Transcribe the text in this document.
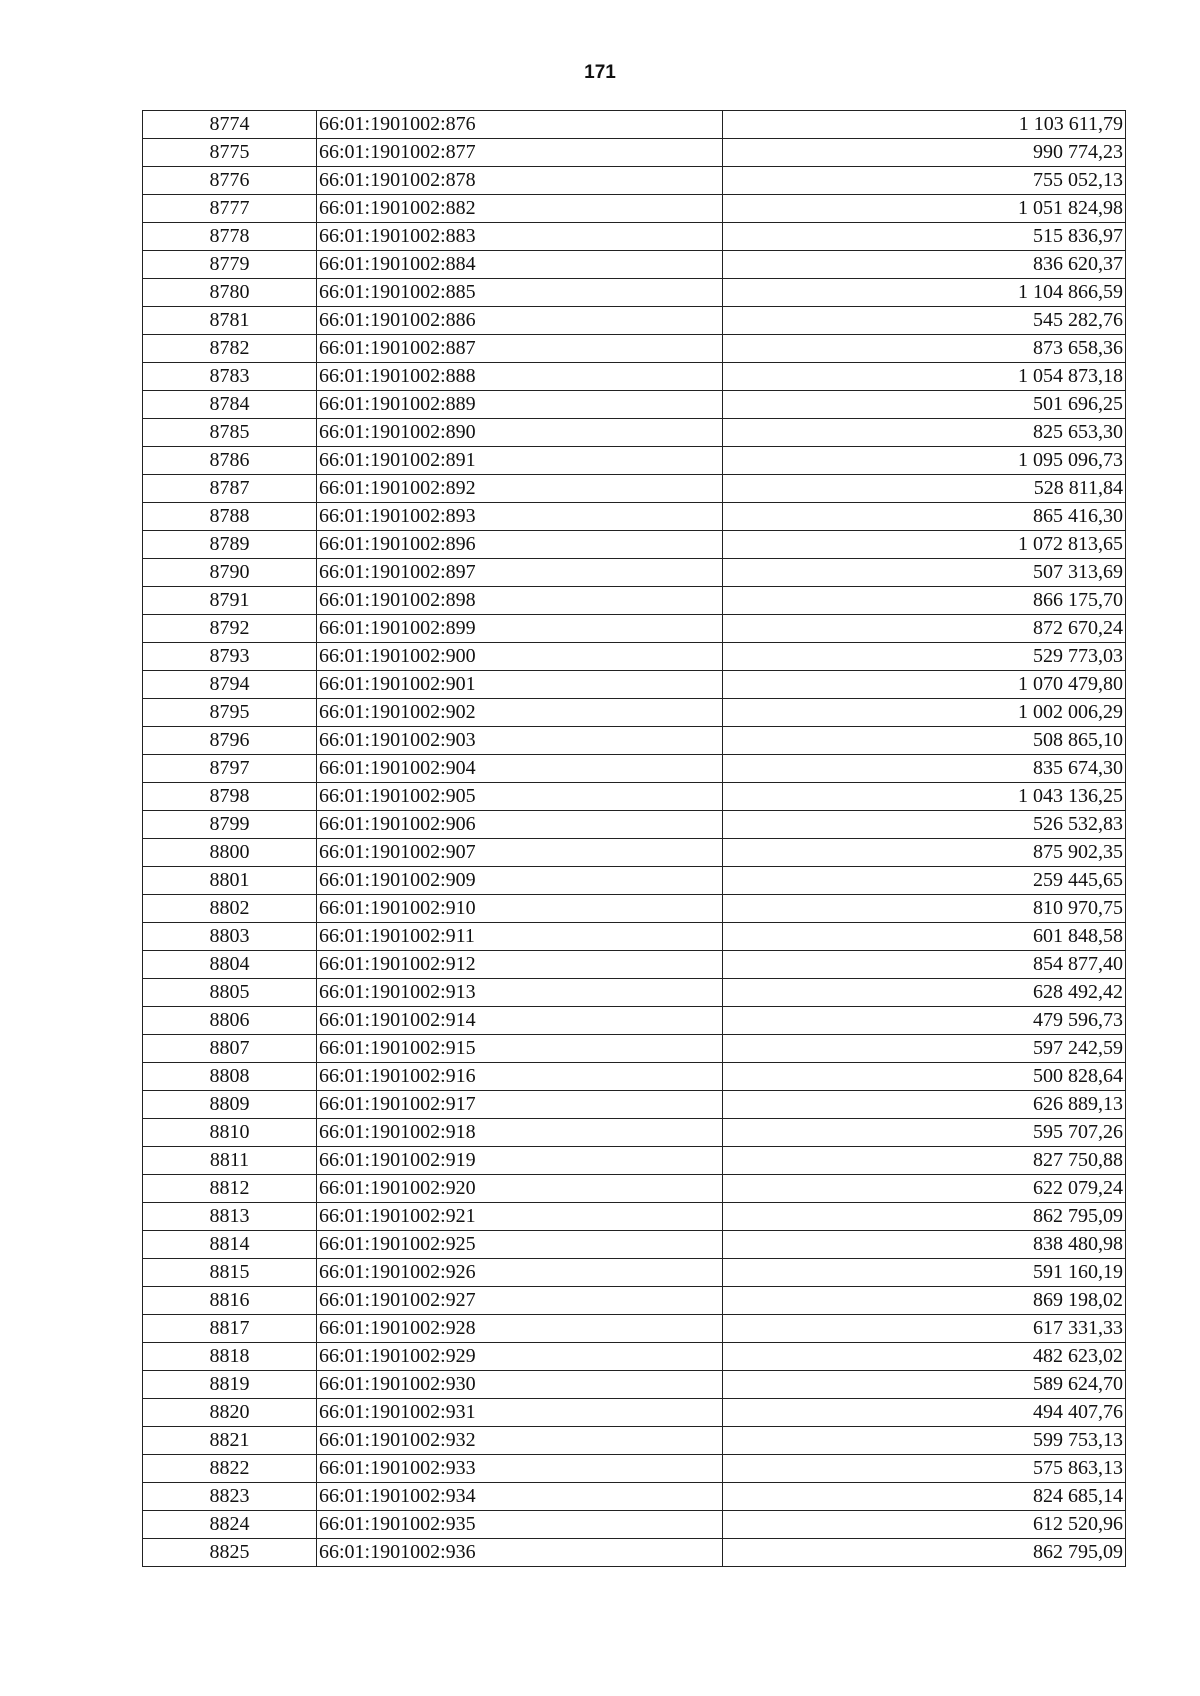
171
8774	66:01:1901002:876	1 103 611,79
8775	66:01:1901002:877	990 774,23
8776	66:01:1901002:878	755 052,13
8777	66:01:1901002:882	1 051 824,98
8778	66:01:1901002:883	515 836,97
8779	66:01:1901002:884	836 620,37
8780	66:01:1901002:885	1 104 866,59
8781	66:01:1901002:886	545 282,76
8782	66:01:1901002:887	873 658,36
8783	66:01:1901002:888	1 054 873,18
8784	66:01:1901002:889	501 696,25
8785	66:01:1901002:890	825 653,30
8786	66:01:1901002:891	1 095 096,73
8787	66:01:1901002:892	528 811,84
8788	66:01:1901002:893	865 416,30
8789	66:01:1901002:896	1 072 813,65
8790	66:01:1901002:897	507 313,69
8791	66:01:1901002:898	866 175,70
8792	66:01:1901002:899	872 670,24
8793	66:01:1901002:900	529 773,03
8794	66:01:1901002:901	1 070 479,80
8795	66:01:1901002:902	1 002 006,29
8796	66:01:1901002:903	508 865,10
8797	66:01:1901002:904	835 674,30
8798	66:01:1901002:905	1 043 136,25
8799	66:01:1901002:906	526 532,83
8800	66:01:1901002:907	875 902,35
8801	66:01:1901002:909	259 445,65
8802	66:01:1901002:910	810 970,75
8803	66:01:1901002:911	601 848,58
8804	66:01:1901002:912	854 877,40
8805	66:01:1901002:913	628 492,42
8806	66:01:1901002:914	479 596,73
8807	66:01:1901002:915	597 242,59
8808	66:01:1901002:916	500 828,64
8809	66:01:1901002:917	626 889,13
8810	66:01:1901002:918	595 707,26
8811	66:01:1901002:919	827 750,88
8812	66:01:1901002:920	622 079,24
8813	66:01:1901002:921	862 795,09
8814	66:01:1901002:925	838 480,98
8815	66:01:1901002:926	591 160,19
8816	66:01:1901002:927	869 198,02
8817	66:01:1901002:928	617 331,33
8818	66:01:1901002:929	482 623,02
8819	66:01:1901002:930	589 624,70
8820	66:01:1901002:931	494 407,76
8821	66:01:1901002:932	599 753,13
8822	66:01:1901002:933	575 863,13
8823	66:01:1901002:934	824 685,14
8824	66:01:1901002:935	612 520,96
8825	66:01:1901002:936	862 795,09
